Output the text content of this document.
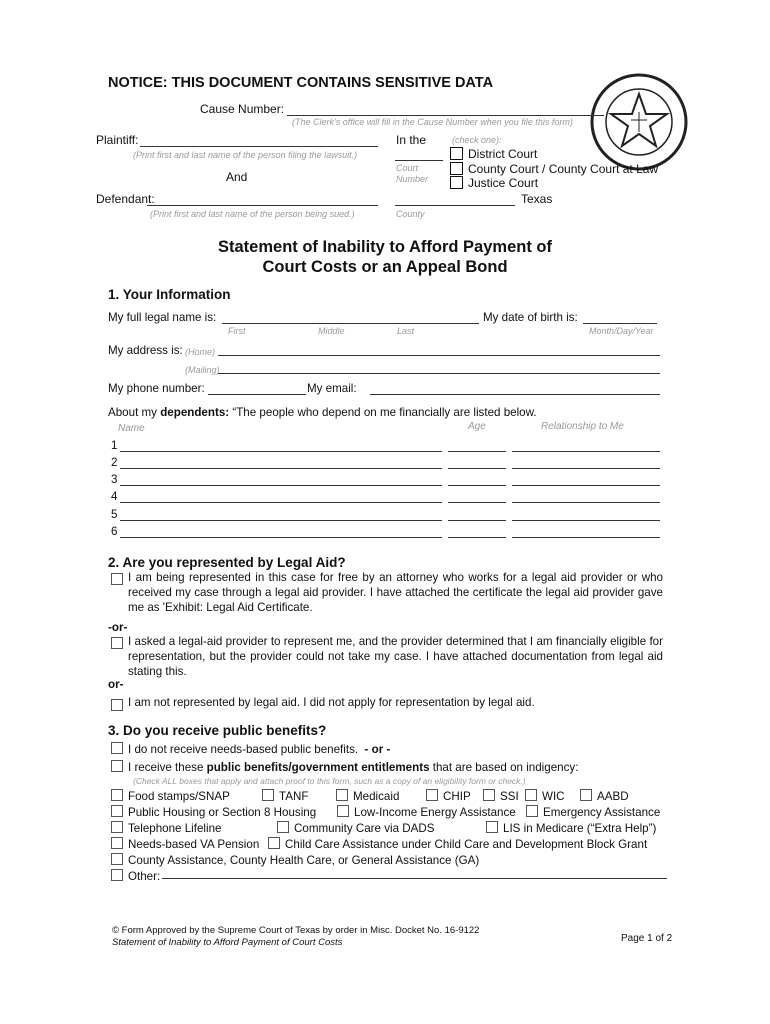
NOTICE: THIS DOCUMENT CONTAINS SENSITIVE DATA
Cause Number:
(The Clerk's office will fill in the Cause Number when you file this form)
Plaintiff:
(Print first and last name of the person filing the lawsuit.)
And
Defendant:
(Print first and last name of the person being sued.)
In the	(check one):
Court Number
District Court
County Court / County Court at Law
Justice Court
Texas
County
Statement of Inability to Afford Payment of
Court Costs or an Appeal Bond
1. Your Information
My full legal name is:
First	Middle	Last
My date of birth is:
Month/Day/Year
My address is: (Home)
(Mailing)
My phone number:	My email:
About my dependents: “The people who depend on me financially are listed below.
Name	Age	Relationship to Me
1
2
3
4
5
6
2. Are you represented by Legal Aid?
I am being represented in this case for free by an attorney who works for a legal aid provider or who received my case through a legal aid provider. I have attached the certificate the legal aid provider gave me as 'Exhibit: Legal Aid Certificate.
-or-
I asked a legal-aid provider to represent me, and the provider determined that I am financially eligible for representation, but the provider could not take my case. I have attached documentation from legal aid stating this.
or-
I am not represented by legal aid. I did not apply for representation by legal aid.
3. Do you receive public benefits?
I do not receive needs-based public benefits. - or -
I receive these public benefits/government entitlements that are based on indigency:
(Check ALL boxes that apply and attach proof to this form, such as a copy of an eligibility form or check.)
Food stamps/SNAP	TANF	Medicaid	CHIP	SSI	WIC	AABD
Public Housing or Section 8 Housing	Low-Income Energy Assistance	Emergency Assistance
Telephone Lifeline	Community Care via DADS	LIS in Medicare (“Extra Help”)
Needs-based VA Pension	Child Care Assistance under Child Care and Development Block Grant
County Assistance, County Health Care, or General Assistance (GA)
Other:
© Form Approved by the Supreme Court of Texas by order in Misc. Docket No. 16-9122
Statement of Inability to Afford Payment of Court Costs	Page 1 of 2
